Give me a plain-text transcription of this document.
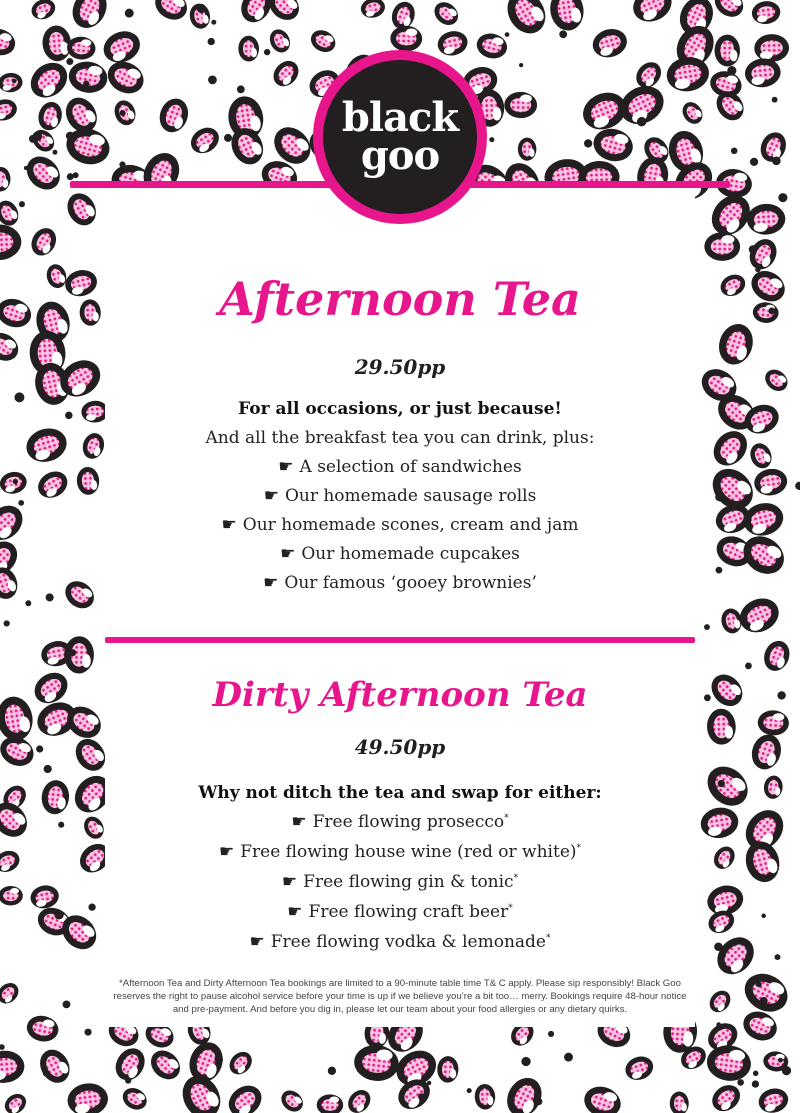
black
goo
Afternoon Tea
29.50pp
For all occasions, or just because!
And all the breakfast tea you can drink, plus:
☛ A selection of sandwiches
☛ Our homemade sausage rolls
☛ Our homemade scones, cream and jam
☛ Our homemade cupcakes
☛ Our famous ‘gooey brownies’
Dirty Afternoon Tea
49.50pp
Why not ditch the tea and swap for either:
☛ Free flowing prosecco*
☛ Free flowing house wine (red or white)*
☛ Free flowing gin & tonic*
☛ Free flowing craft beer*
☛ Free flowing vodka & lemonade*
*Afternoon Tea and Dirty Afternoon Tea bookings are limited to a 90-minute table time T& C apply. Please sip responsibly! Black Goo reserves the right to pause alcohol service before your time is up if we believe you’re a bit too… merry. Bookings require 48-hour notice and pre-payment. And before you dig in, please let our team about your food allergies or any dietary quirks.
